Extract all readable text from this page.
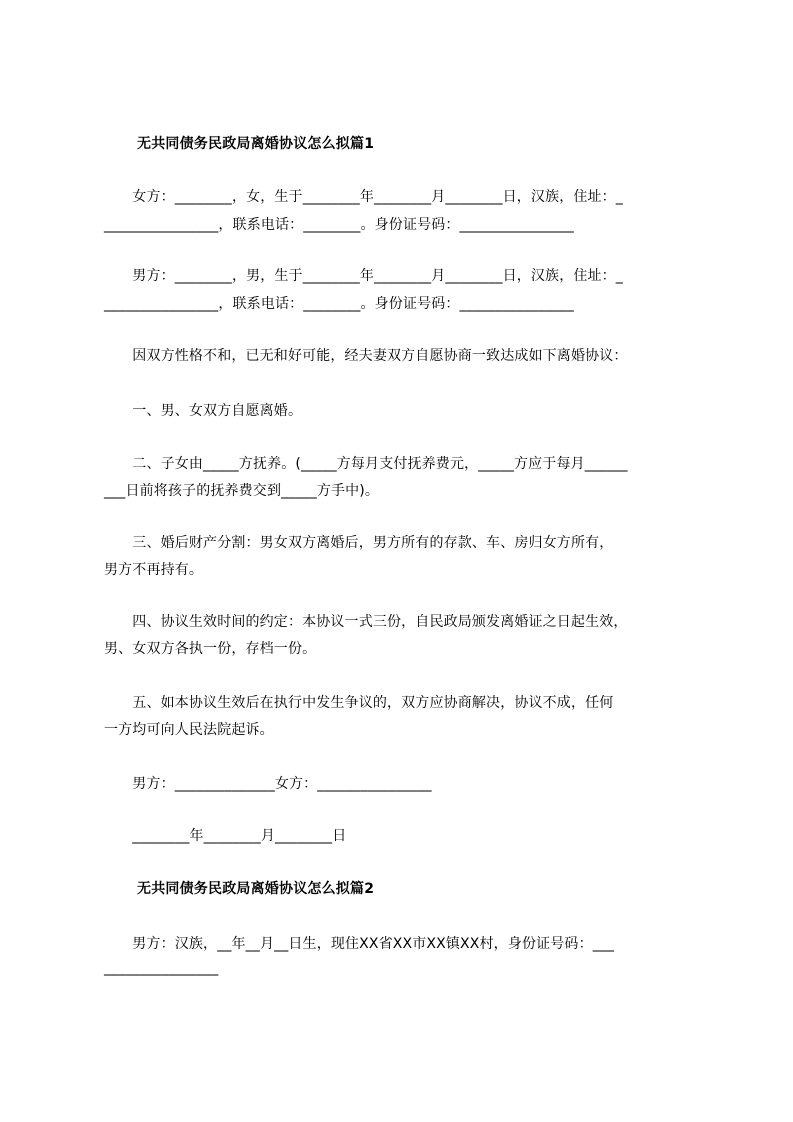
无共同债务民政局离婚协议怎么拟篇1
　　女方：________，女，生于________年________月________日，汉族，住址：_
________________，联系电话：________。身份证号码：________________
　　男方：________，男，生于________年________月________日，汉族，住址：_
________________，联系电话：________。身份证号码：________________
　　因双方性格不和，已无和好可能，经夫妻双方自愿协商一致达成如下离婚协议：
　　一、男、女双方自愿离婚。
　　二、子女由_____方抚养。(_____方每月支付抚养费元，_____方应于每月______
___日前将孩子的抚养费交到_____方手中)。
　　三、婚后财产分割：男女双方离婚后，男方所有的存款、车、房归女方所有，
男方不再持有。
　　四、协议生效时间的约定：本协议一式三份，自民政局颁发离婚证之日起生效，
男、女双方各执一份，存档一份。
　　五、如本协议生效后在执行中发生争议的，双方应协商解决，协议不成，任何
一方均可向人民法院起诉。
　　男方：______________女方：________________
　　________年________月________日
无共同债务民政局离婚协议怎么拟篇2
　　男方：汉族，__年__月__日生，现住XX省XX市XX镇XX村，身份证号码：___
________________
